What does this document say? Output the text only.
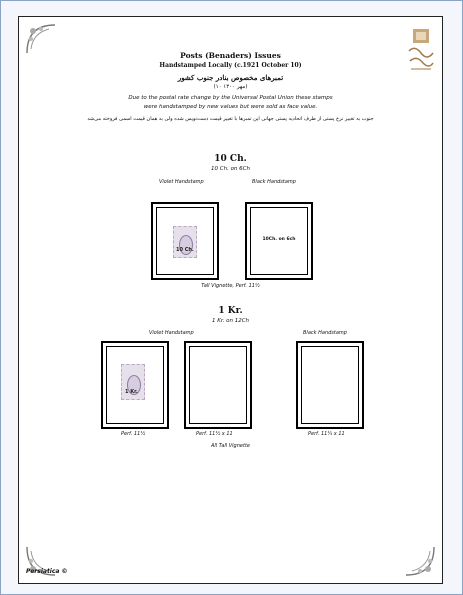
Posts (Benaders) Issues
Handstamped Locally (c.1921 October 10)
تمبرهای مخصوص بنادر جنوب کشور
(۱۰ مهر ۱۳۰۰)
Due to the postal rate change by the Universal Postal Union these stamps
were handstamped by new values but were sold as face value.
جنوب به تغییر نرخ پستی از طرف اتحادیه پستی جهانی این تمبرها با تغییر قیمت دست‌نویس شده ولی به همان قیمت اسمی فروخته می‌شد
10 Ch.
10 Ch. on 6Ch
Violet Handstamp	Black Handstamp
10 Ch.
10Ch. on 6ch
Tall Vignette, Perf. 11½
1 Kr.
1 Kr. on 12Ch
Violet Handstamp	Black Handstamp
1 Kr.
Perf. 11½	Perf. 11½ x 11	Perf. 11¼ x 11
All Tall Vignette
Persiatica ©
